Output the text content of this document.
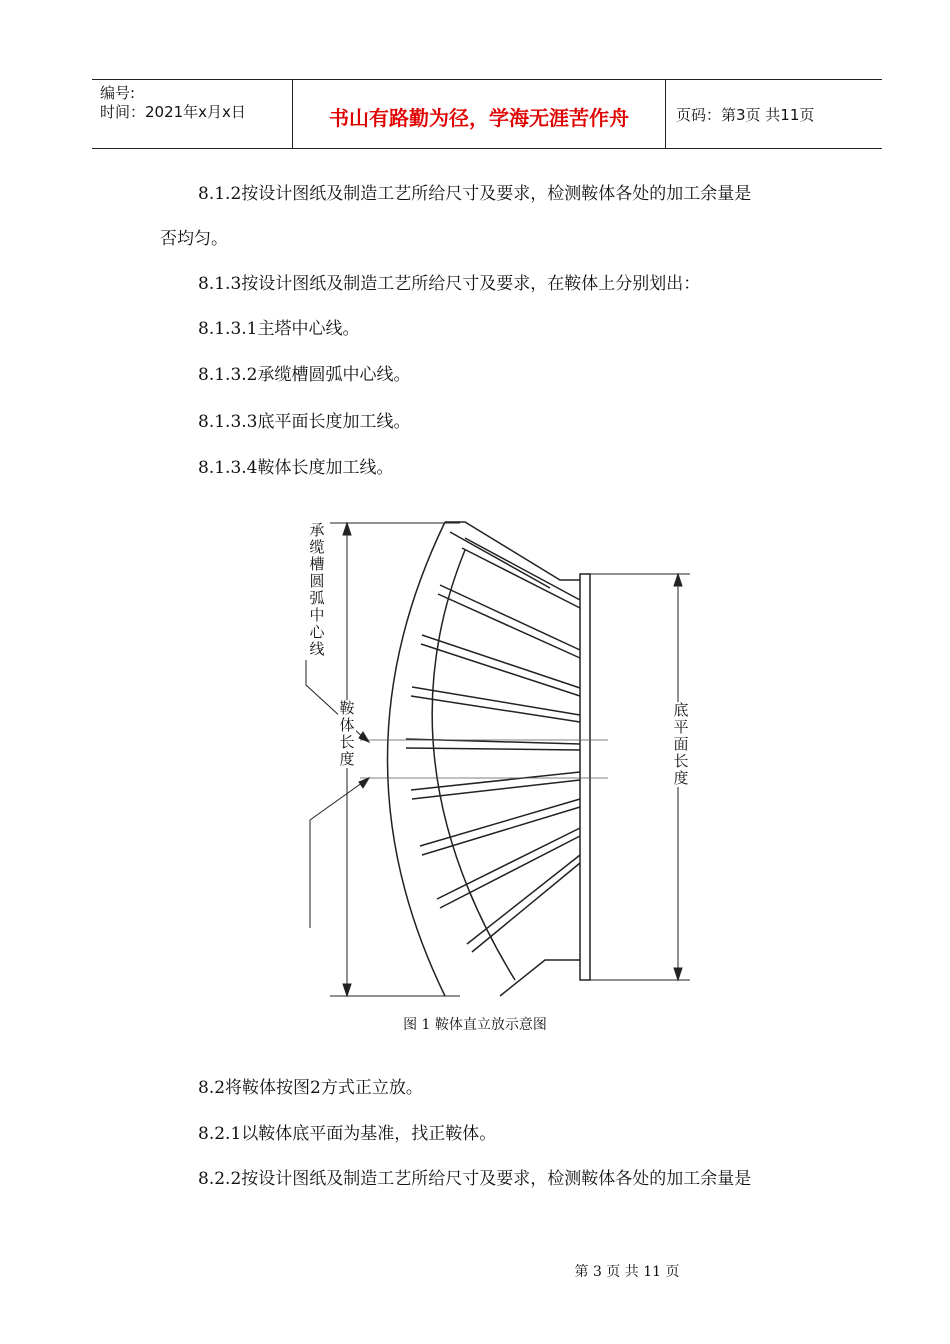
编号:
时间：2021年x月x日	书山有路勤为径，学海无涯苦作舟	页码：第3页 共11页
8.1.2按设计图纸及制造工艺所给尺寸及要求，检测鞍体各处的加工余量是
否均匀。
8.1.3按设计图纸及制造工艺所给尺寸及要求，在鞍体上分别划出：
8.1.3.1主塔中心线。
8.1.3.2承缆槽圆弧中心线。
8.1.3.3底平面长度加工线。
8.1.3.4鞍体长度加工线。
承缆槽圆弧中心线
鞍体长度
底平面长度
图 1 鞍体直立放示意图
8.2将鞍体按图2方式正立放。
8.2.1以鞍体底平面为基准，找正鞍体。
8.2.2按设计图纸及制造工艺所给尺寸及要求，检测鞍体各处的加工余量是
第 3 页 共 11 页
